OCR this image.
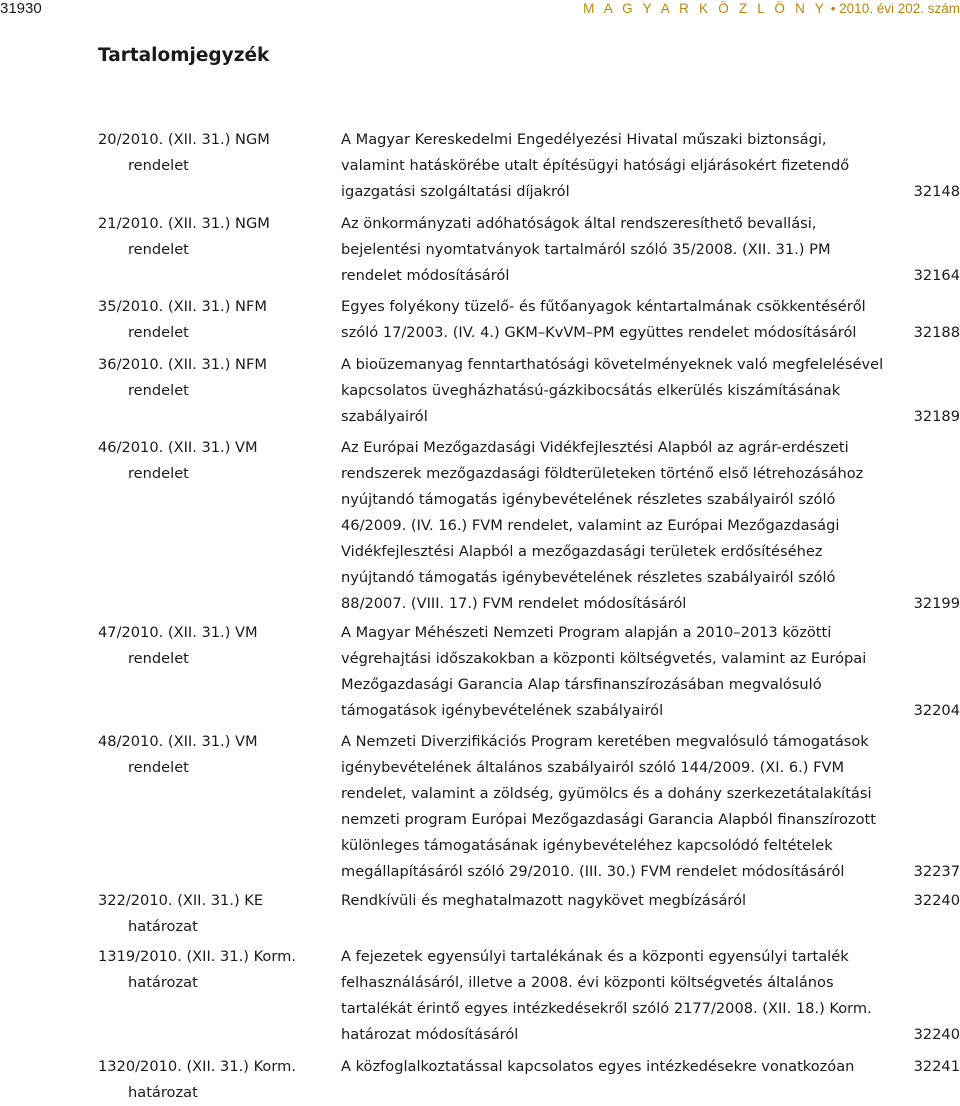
31930	M A G Y A R K Ö Z L Ö N Y • 2010. évi 202. szám
Tartalomjegyzék
20/2010. (XII. 31.) NGM
rendelet
A Magyar Kereskedelmi Engedélyezési Hivatal műszaki biztonsági, valamint hatáskörébe utalt építésügyi hatósági eljárásokért fizetendő igazgatási szolgáltatási díjakról	32148
21/2010. (XII. 31.) NGM
rendelet
Az önkormányzati adóhatóságok által rendszeresíthető bevallási, bejelentési nyomtatványok tartalmáról szóló 35/2008. (XII. 31.) PM rendelet módosításáról	32164
35/2010. (XII. 31.) NFM
rendelet
Egyes folyékony tüzelő- és fűtőanyagok kéntartalmának csökkentéséről szóló 17/2003. (IV. 4.) GKM–KvVM–PM együttes rendelet módosításáról	32188
36/2010. (XII. 31.) NFM
rendelet
A bioüzemanyag fenntarthatósági követelményeknek való megfelelésével kapcsolatos üvegházhatású-gázkibocsátás elkerülés kiszámításának szabályairól	32189
46/2010. (XII. 31.) VM
rendelet
Az Európai Mezőgazdasági Vidékfejlesztési Alapból az agrár-erdészeti rendszerek mezőgazdasági földterületeken történő első létrehozásához nyújtandó támogatás igénybevételének részletes szabályairól szóló 46/2009. (IV. 16.) FVM rendelet, valamint az Európai Mezőgazdasági Vidékfejlesztési Alapból a mezőgazdasági területek erdősítéséhez nyújtandó támogatás igénybevételének részletes szabályairól szóló 88/2007. (VIII. 17.) FVM rendelet módosításáról	32199
47/2010. (XII. 31.) VM
rendelet
A Magyar Méhészeti Nemzeti Program alapján a 2010–2013 közötti végrehajtási időszakokban a központi költségvetés, valamint az Európai Mezőgazdasági Garancia Alap társfinanszírozásában megvalósuló támogatások igénybevételének szabályairól	32204
48/2010. (XII. 31.) VM
rendelet
A Nemzeti Diverzifikációs Program keretében megvalósuló támogatások igénybevételének általános szabályairól szóló 144/2009. (XI. 6.) FVM rendelet, valamint a zöldség, gyümölcs és a dohány szerkezetátalakítási nemzeti program Európai Mezőgazdasági Garancia Alapból finanszírozott különleges támogatásának igénybevételéhez kapcsolódó feltételek megállapításáról szóló 29/2010. (III. 30.) FVM rendelet módosításáról	32237
322/2010. (XII. 31.) KE
határozat
Rendkívüli és meghatalmazott nagykövet megbízásáról	32240
1319/2010. (XII. 31.) Korm.
határozat
A fejezetek egyensúlyi tartalékának és a központi egyensúlyi tartalék felhasználásáról, illetve a 2008. évi központi költségvetés általános tartalékát érintő egyes intézkedésekről szóló 2177/2008. (XII. 18.) Korm. határozat módosításáról	32240
1320/2010. (XII. 31.) Korm.
határozat
A közfoglalkoztatással kapcsolatos egyes intézkedésekre vonatkozóan	32241
